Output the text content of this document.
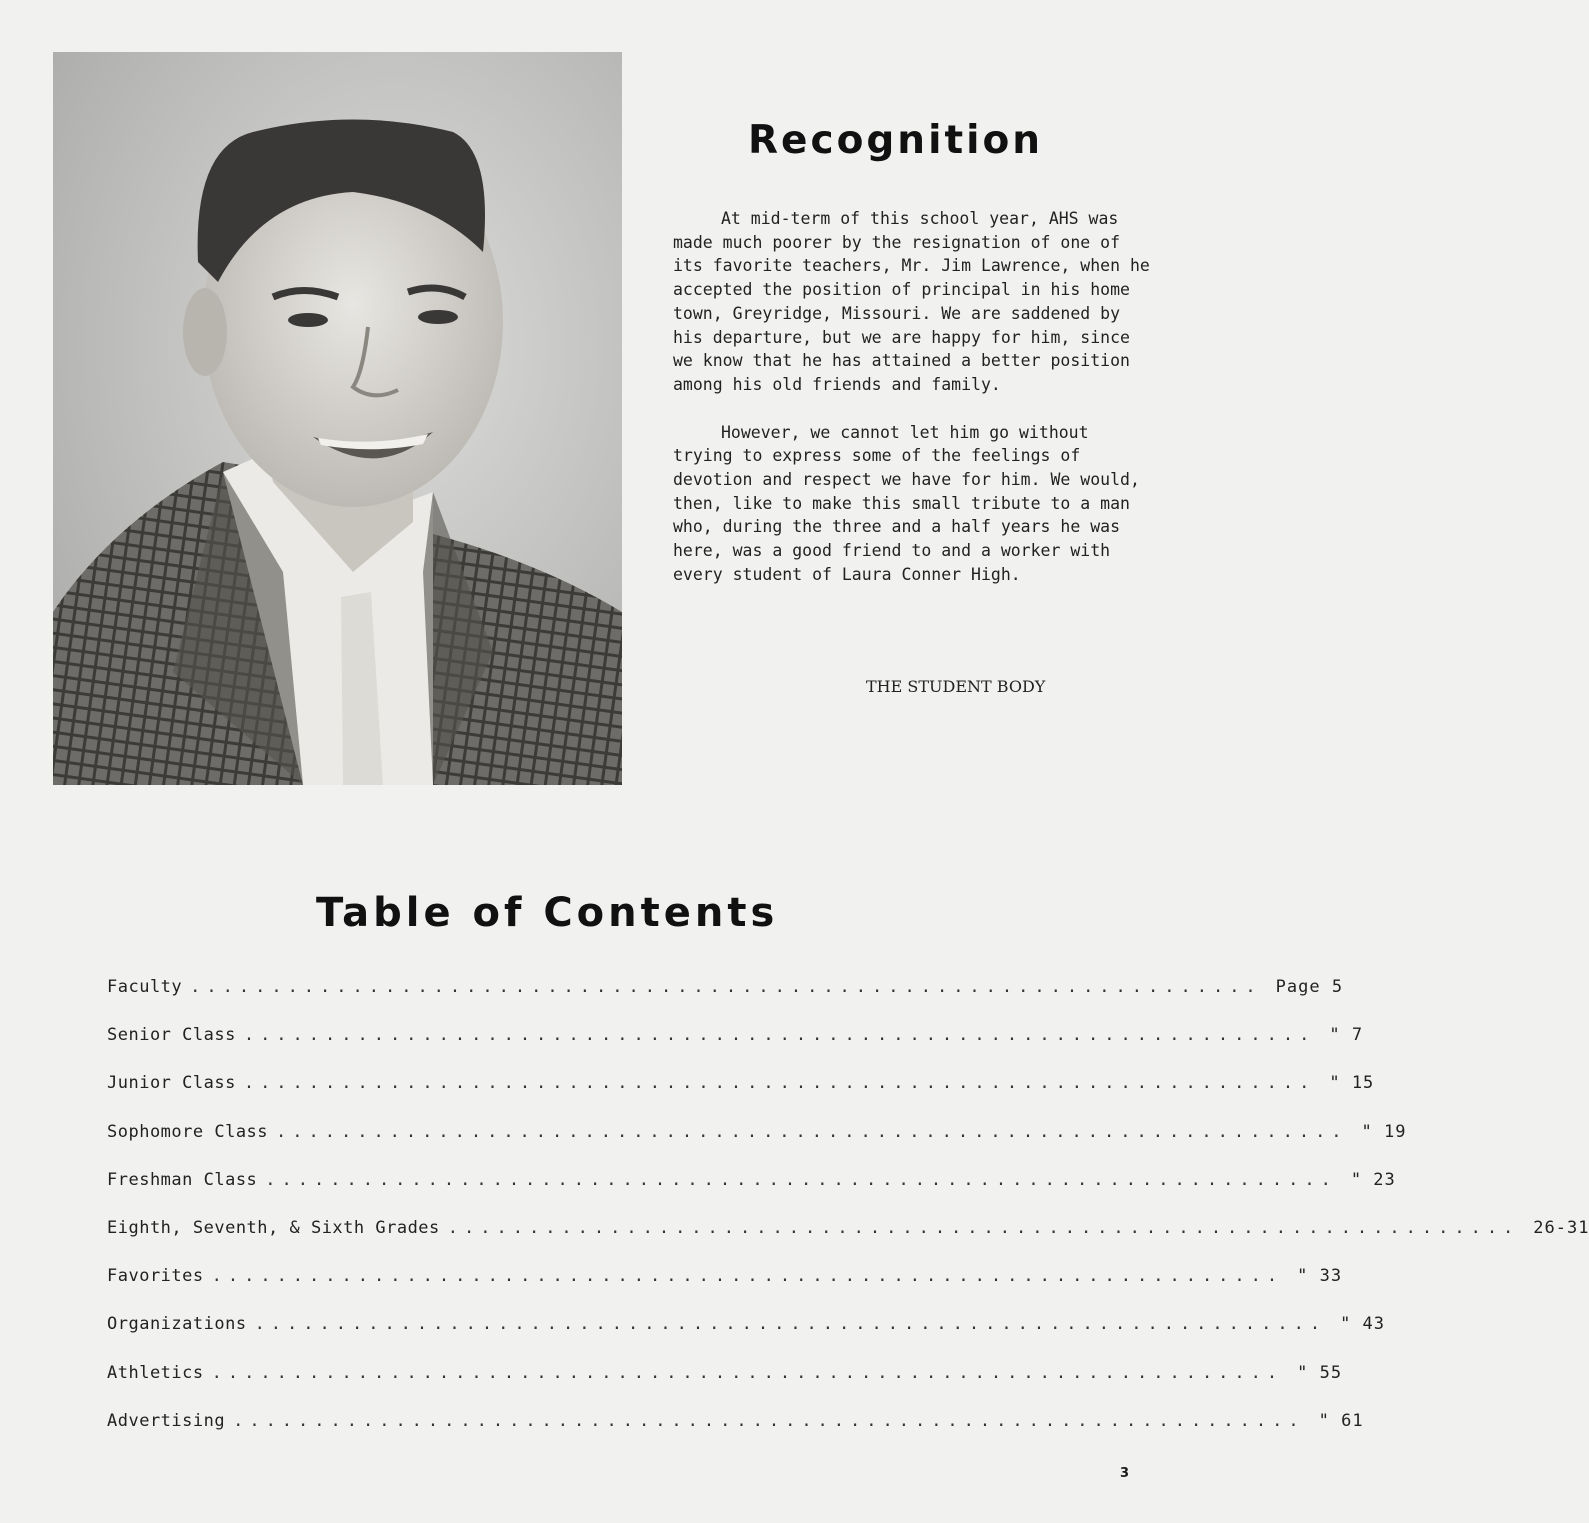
Recognition

At mid-term of this school year, AHS was made much poorer by the resignation of one of its favorite teachers, Mr. Jim Lawrence, when he accepted the position of principal in his home town, Greyridge, Missouri. We are saddened by his departure, but we are happy for him, since we know that he has attained a better position among his old friends and family.

However, we cannot let him go without trying to express some of the feelings of devotion and respect we have for him. We would, then, like to make this small tribute to a man who, during the three and a half years he was here, was a good friend to and a worker with every student of Laura Conner High.

THE STUDENT BODY
Table of Contents
Faculty .................................................................. Page 5
Senior Class .................................................................. " 7
Junior Class .................................................................. " 15
Sophomore Class .................................................................. " 19
Freshman Class .................................................................. " 23
Eighth, Seventh, & Sixth Grades .................................................................. 26-31
Favorites .................................................................. " 33
Organizations .................................................................. " 43
Athletics .................................................................. " 55
Advertising .................................................................. " 61
3
